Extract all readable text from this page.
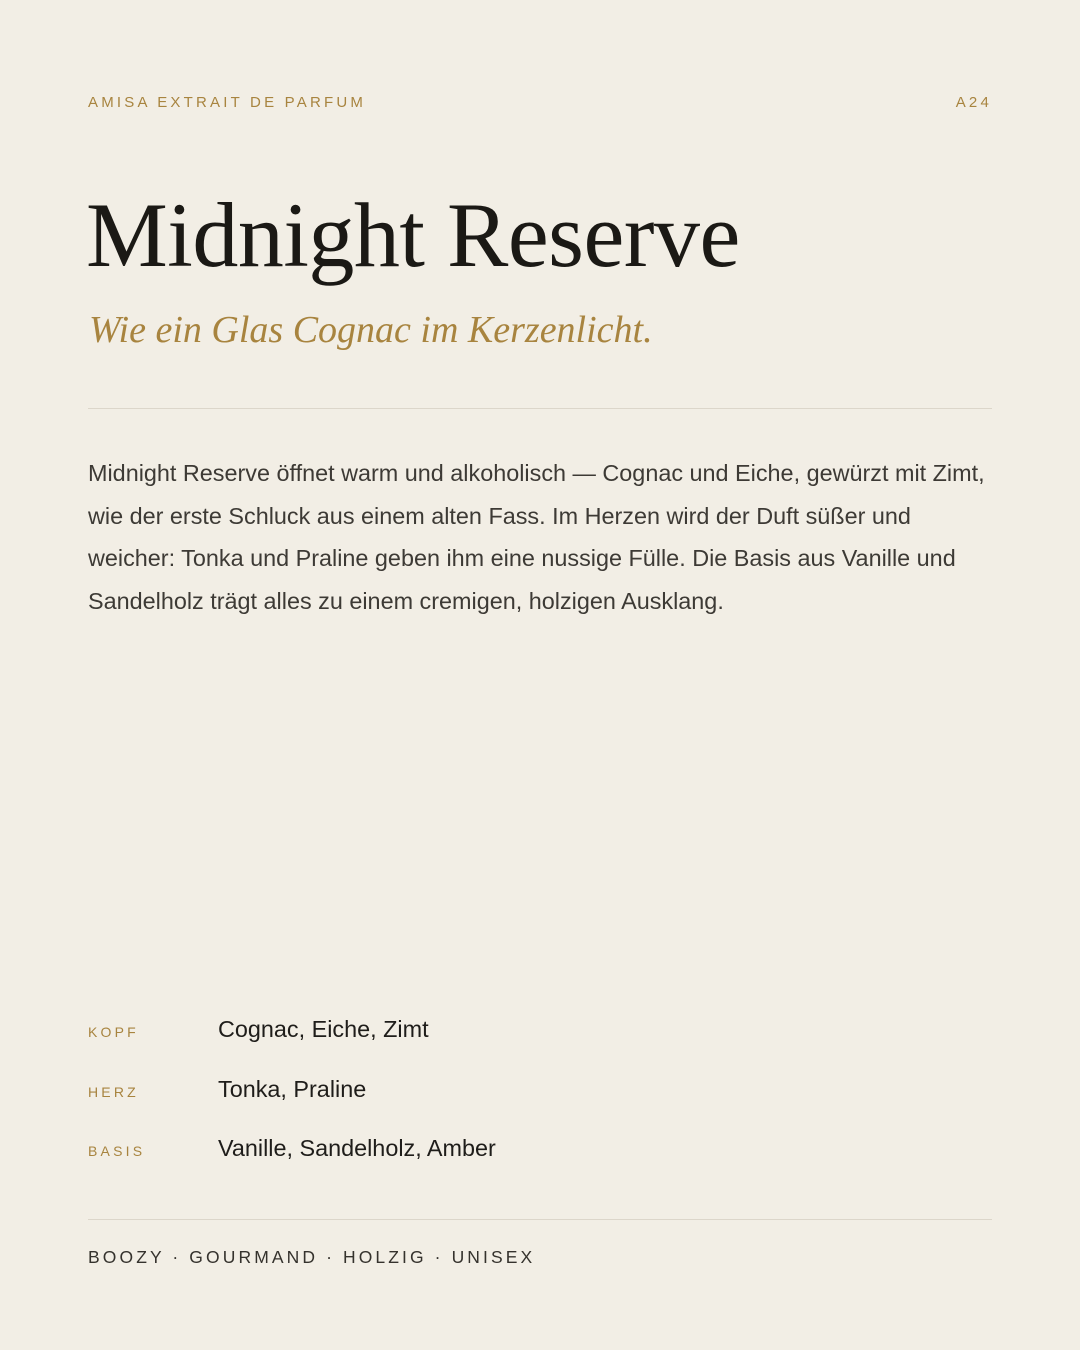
AMISA EXTRAIT DE PARFUM	A24
Midnight Reserve

Wie ein Glas Cognac im Kerzenlicht.

Midnight Reserve öffnet warm und alkoholisch — Cognac und Eiche, gewürzt mit Zimt, wie der erste Schluck aus einem alten Fass. Im Herzen wird der Duft süßer und weicher: Tonka und Praline geben ihm eine nussige Fülle. Die Basis aus Vanille und Sandelholz trägt alles zu einem cremigen, holzigen Ausklang.

KOPF	Cognac, Eiche, Zimt
HERZ	Tonka, Praline
BASIS	Vanille, Sandelholz, Amber
BOOZY · GOURMAND · HOLZIG · UNISEX
